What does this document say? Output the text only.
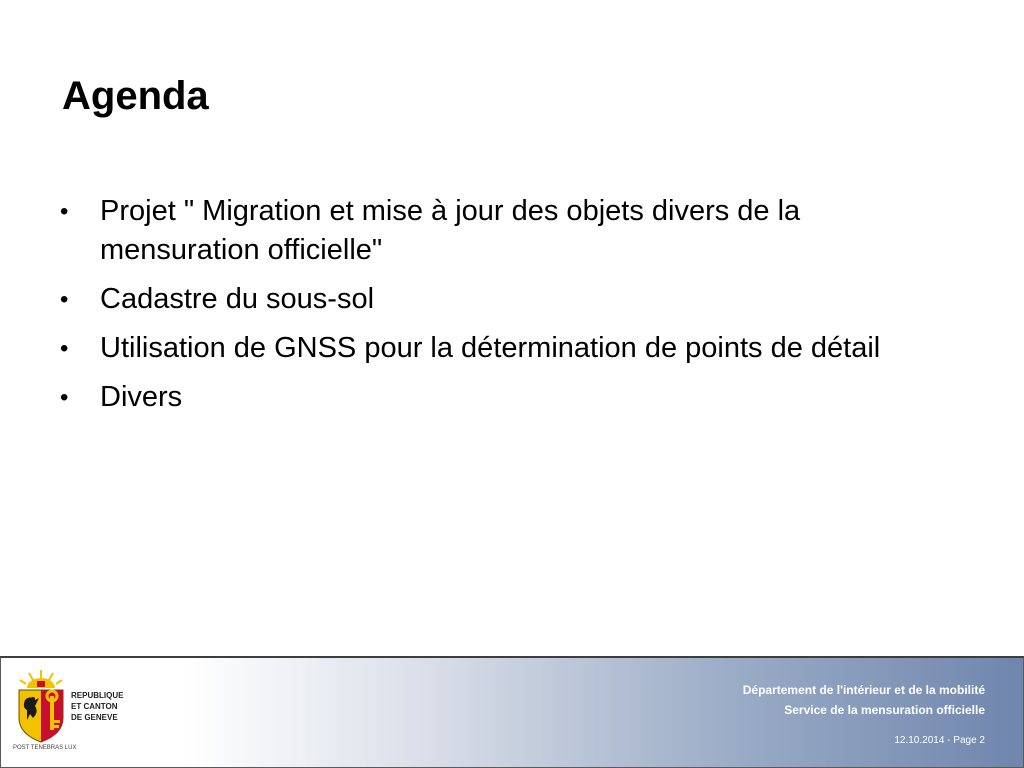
Agenda
• Projet " Migration et mise à jour des objets divers de la mensuration officielle"
• Cadastre du sous-sol
• Utilisation de GNSS pour la détermination de points de détail
• Divers
REPUBLIQUE
ET CANTON
DE GENEVE
POST TENEBRAS LUX
Département de l'intérieur et de la mobilité
Service de la mensuration officielle
12.10.2014 - Page 2
